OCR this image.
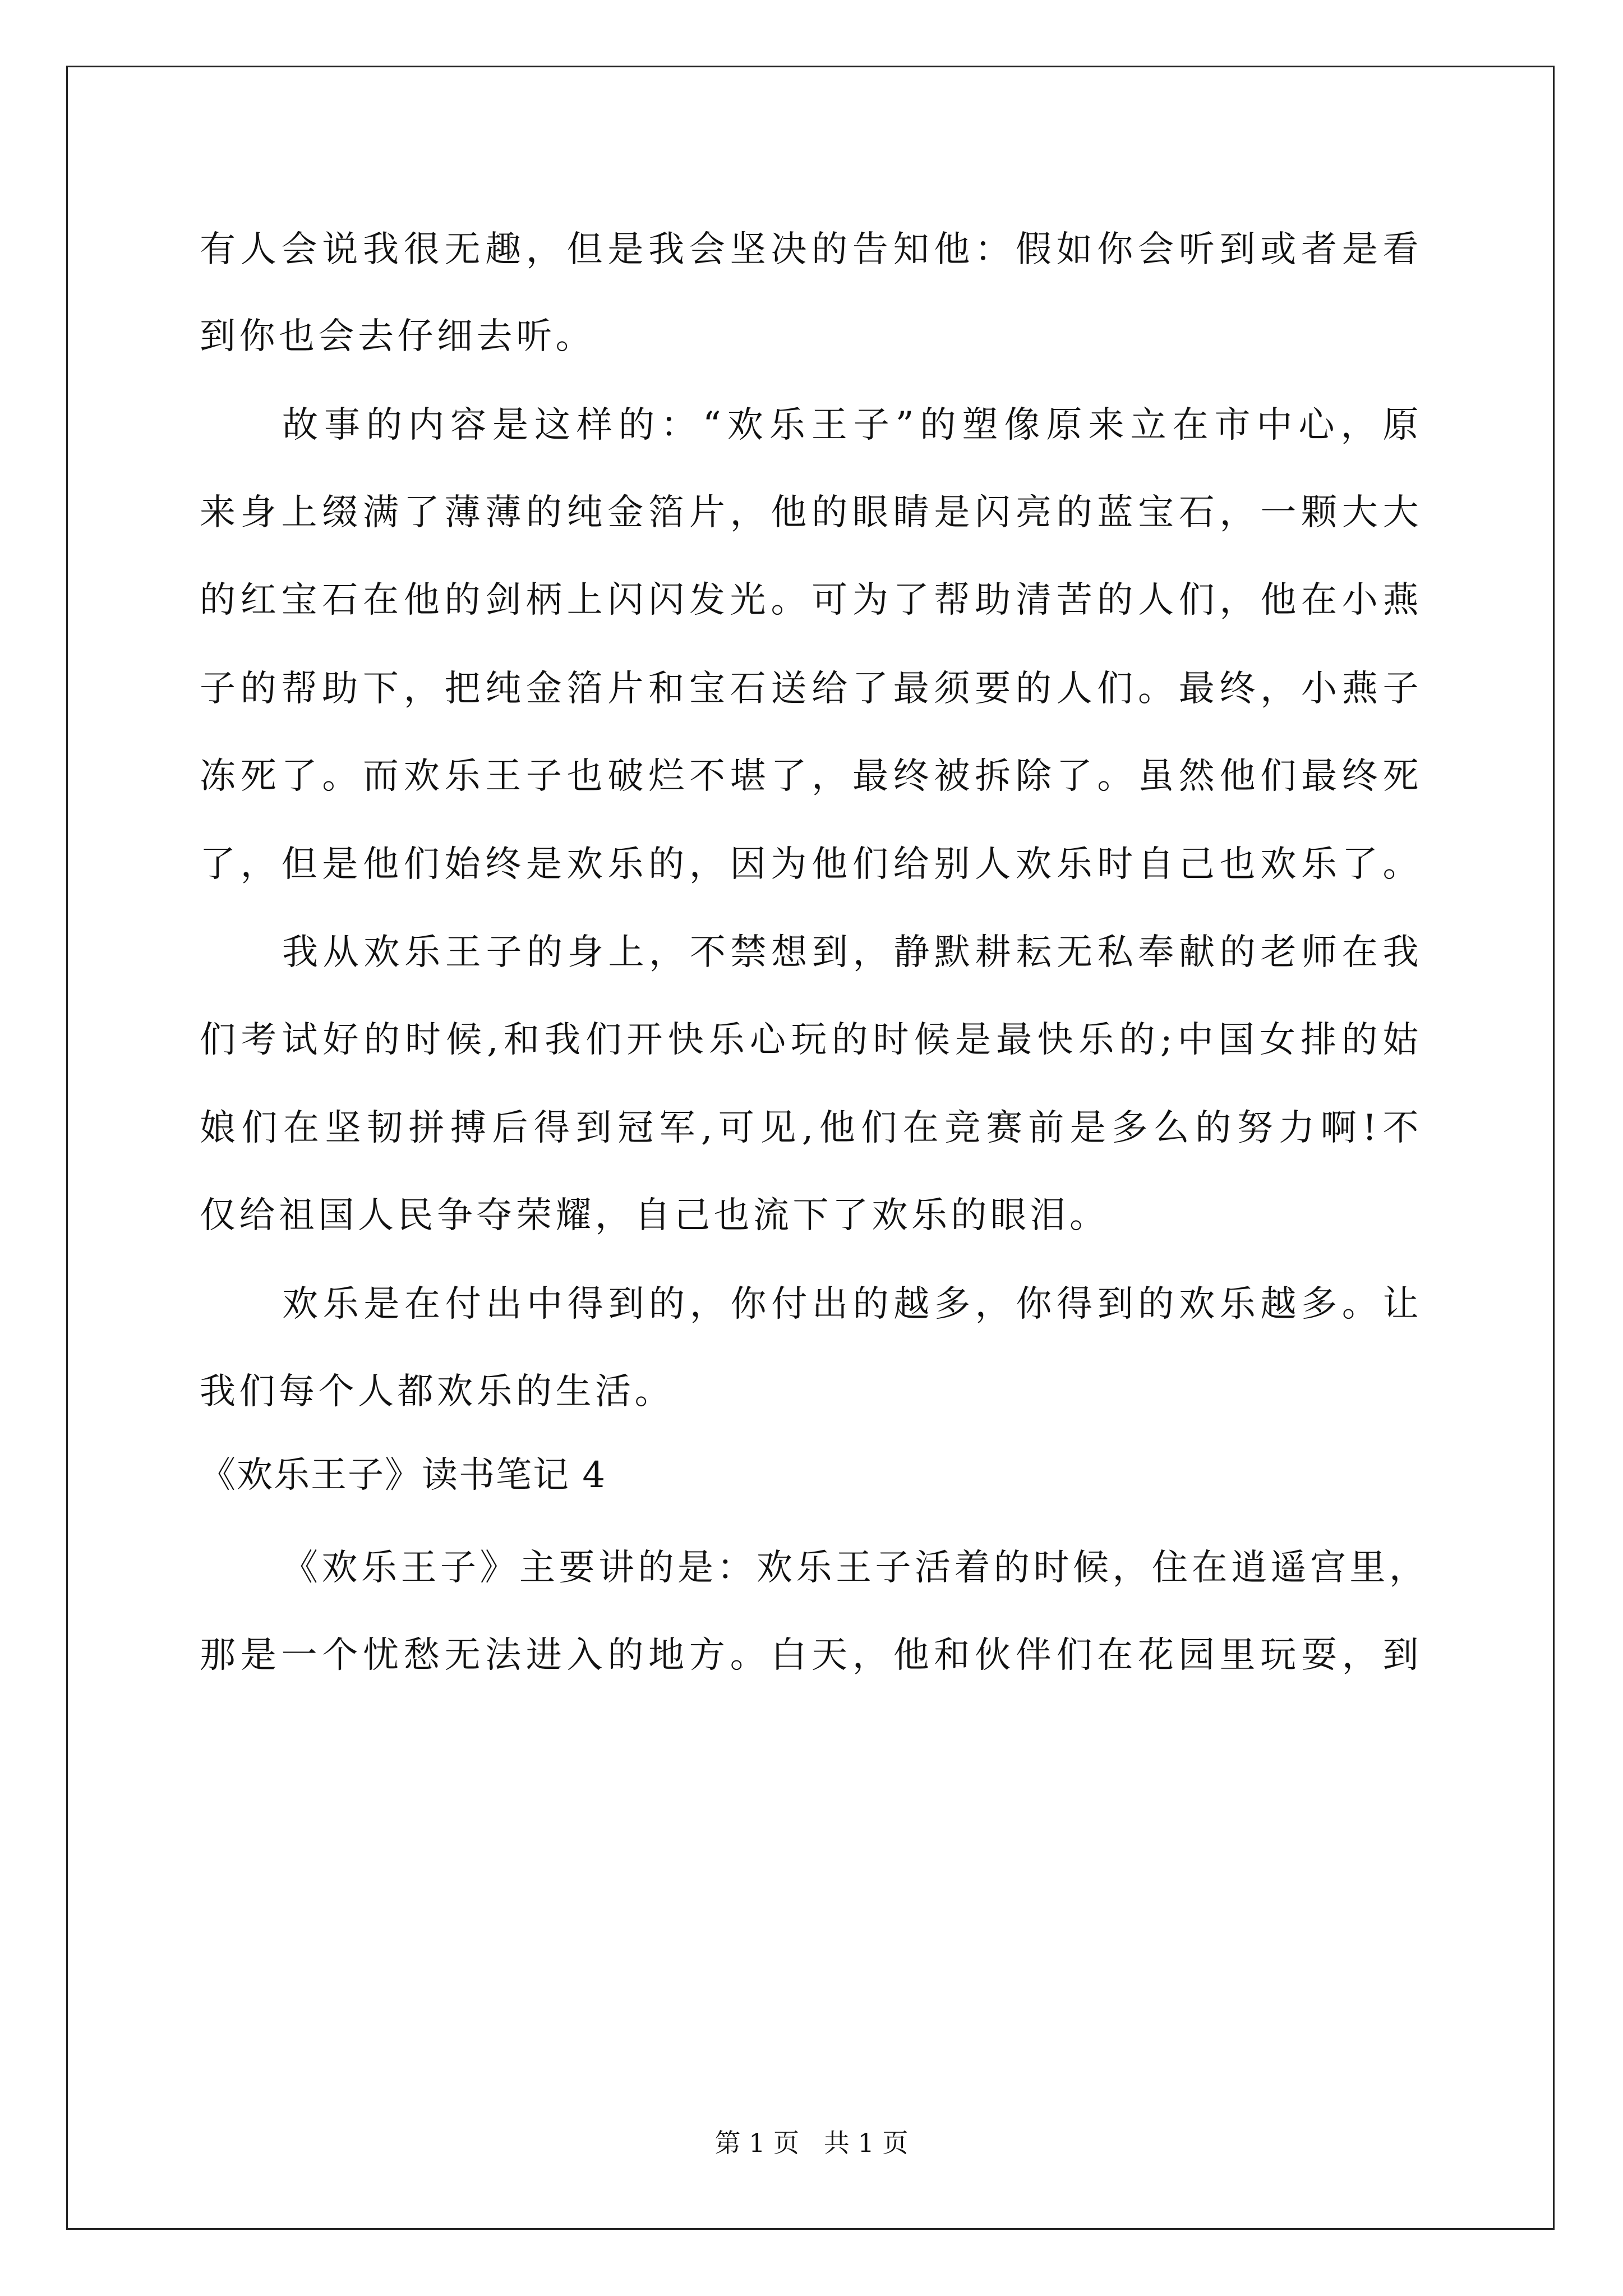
有人会说我很无趣，但是我会坚决的告知他：假如你会听到或者是看
到你也会去仔细去听。
故事的内容是这样的：“欢乐王子”的塑像原来立在市中心，原
来身上缀满了薄薄的纯金箔片，他的眼睛是闪亮的蓝宝石，一颗大大
的红宝石在他的剑柄上闪闪发光。可为了帮助清苦的人们，他在小燕
子的帮助下，把纯金箔片和宝石送给了最须要的人们。最终，小燕子
冻死了。而欢乐王子也破烂不堪了，最终被拆除了。虽然他们最终死
了，但是他们始终是欢乐的，因为他们给别人欢乐时自己也欢乐了。
我从欢乐王子的身上，不禁想到，静默耕耘无私奉献的老师在我
们考试好的时候,和我们开快乐心玩的时候是最快乐的;中国女排的姑
娘们在坚韧拼搏后得到冠军,可见,他们在竞赛前是多么的努力啊!不
仅给祖国人民争夺荣耀，自己也流下了欢乐的眼泪。
欢乐是在付出中得到的，你付出的越多，你得到的欢乐越多。让
我们每个人都欢乐的生活。
《欢乐王子》读书笔记 4
《欢乐王子》主要讲的是：欢乐王子活着的时候，住在逍遥宫里，
那是一个忧愁无法进入的地方。白天，他和伙伴们在花园里玩耍，到
第 1 页   共 1 页
